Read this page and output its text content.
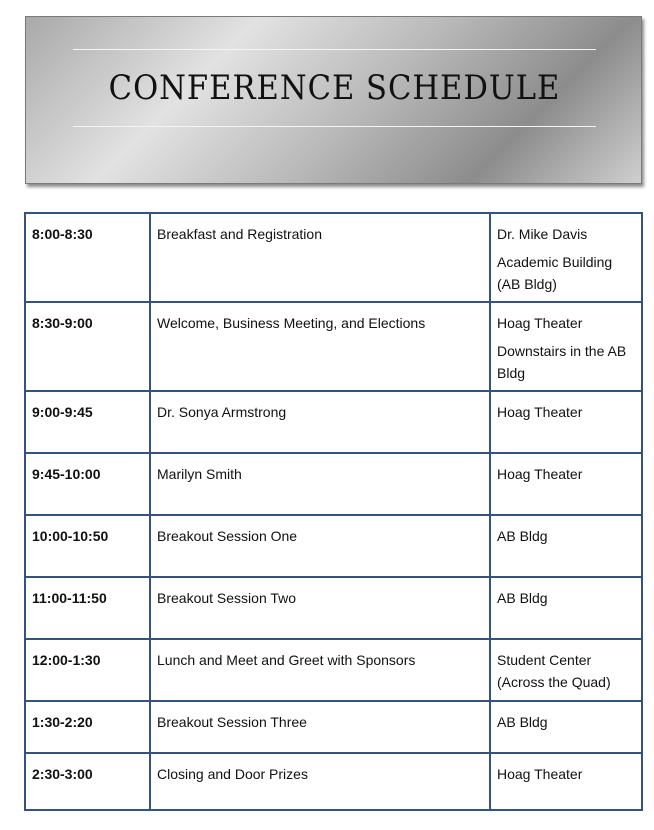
CONFERENCE SCHEDULE
8:00-8:30	Breakfast and Registration	Dr. Mike Davis

Academic Building (AB Bldg)

8:30-9:00	Welcome, Business Meeting, and Elections	Hoag Theater

Downstairs in the AB Bldg

9:00-9:45	Dr. Sonya Armstrong	Hoag Theater

9:45-10:00	Marilyn Smith	Hoag Theater

10:00-10:50	Breakout Session One	AB Bldg

11:00-11:50	Breakout Session Two	AB Bldg

12:00-1:30	Lunch and Meet and Greet with Sponsors	Student Center (Across the Quad)

1:30-2:20	Breakout Session Three	AB Bldg

2:30-3:00	Closing and Door Prizes	Hoag Theater
